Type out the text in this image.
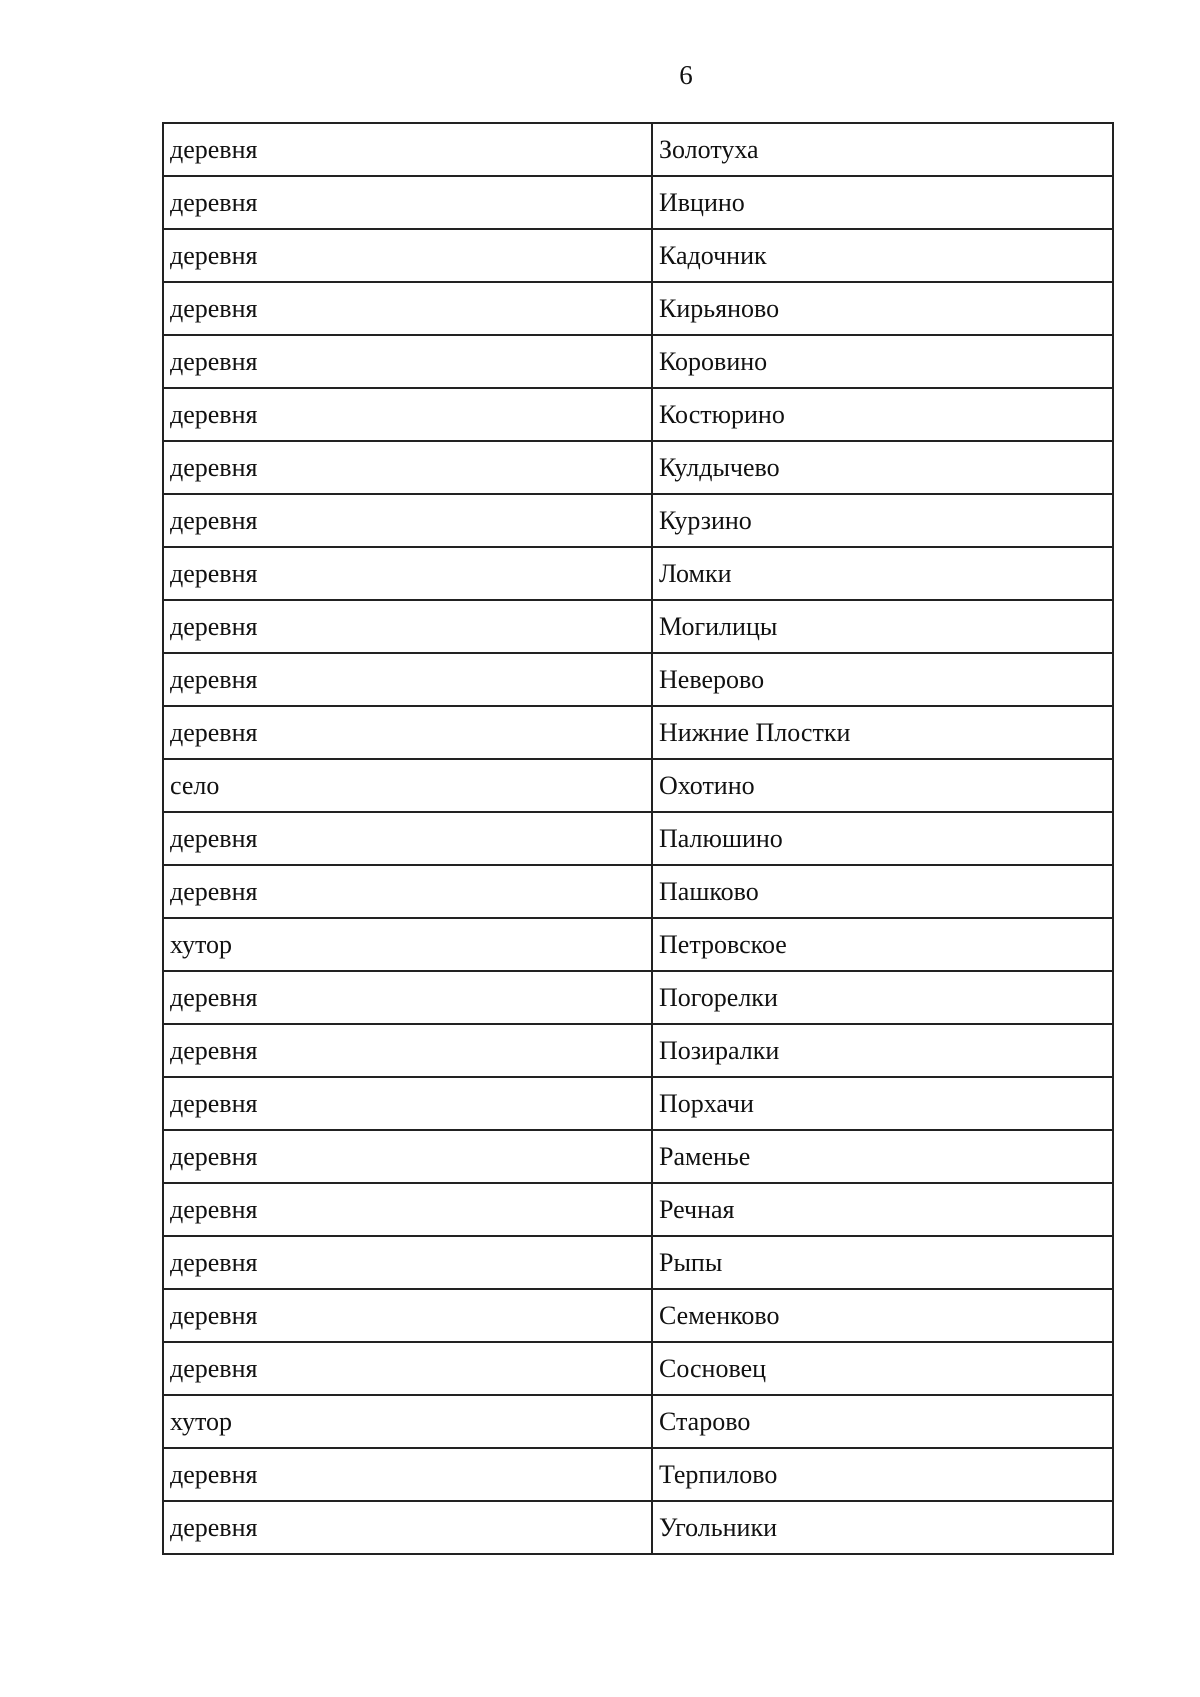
6
деревня	Золотуха
деревня	Ивцино
деревня	Кадочник
деревня	Кирьяново
деревня	Коровино
деревня	Костюрино
деревня	Кулдычево
деревня	Курзино
деревня	Ломки
деревня	Могилицы
деревня	Неверово
деревня	Нижние Плостки
село	Охотино
деревня	Палюшино
деревня	Пашково
хутор	Петровское
деревня	Погорелки
деревня	Позиралки
деревня	Порхачи
деревня	Раменье
деревня	Речная
деревня	Рыпы
деревня	Семенково
деревня	Сосновец
хутор	Старово
деревня	Терпилово
деревня	Угольники
